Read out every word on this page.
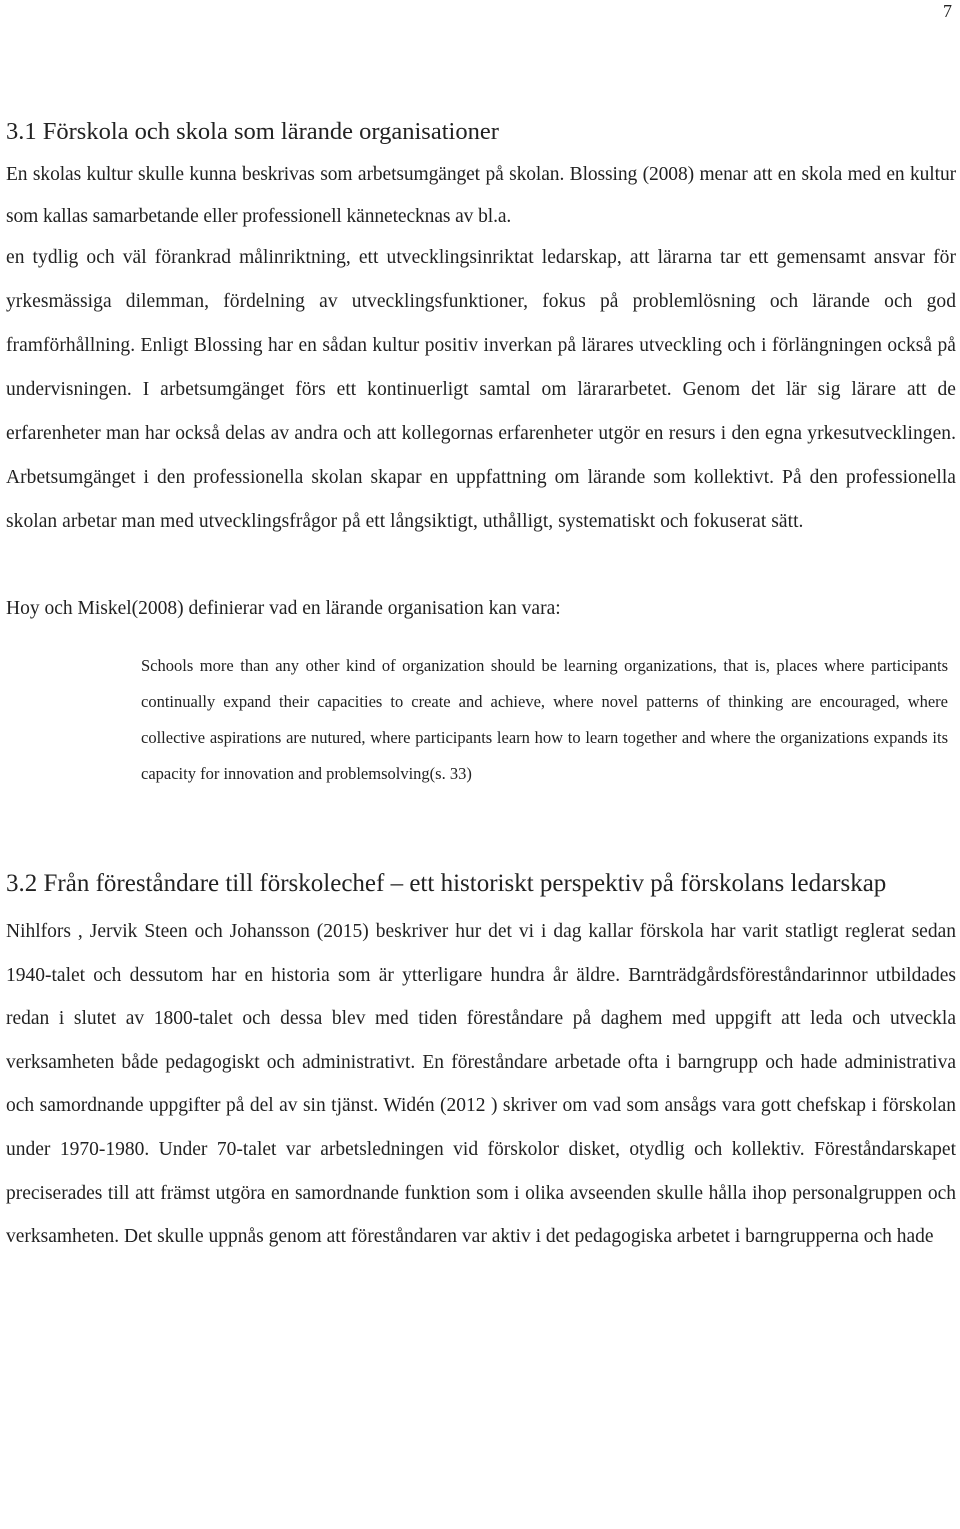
7
3.1 Förskola och skola som lärande organisationer

En skolas kultur skulle kunna beskrivas som arbetsumgänget på skolan. Blossing (2008) menar att en skola med en kultur som kallas samarbetande eller professionell kännetecknas av bl.a.

en tydlig och väl förankrad målinriktning, ett utvecklingsinriktat ledarskap, att lärarna tar ett gemensamt ansvar för yrkesmässiga dilemman, fördelning av utvecklingsfunktioner, fokus på problemlösning och lärande och god framförhållning. Enligt Blossing har en sådan kultur positiv inverkan på lärares utveckling och i förlängningen också på undervisningen. I arbetsumgänget förs ett kontinuerligt samtal om lärararbetet. Genom det lär sig lärare att de erfarenheter man har också delas av andra och att kollegornas erfarenheter utgör en resurs i den egna yrkesutvecklingen. Arbetsumgänget i den professionella skolan skapar en uppfattning om lärande som kollektivt. På den professionella skolan arbetar man med utvecklingsfrågor på ett långsiktigt, uthålligt, systematiskt och fokuserat sätt.

Hoy och Miskel(2008) definierar vad en lärande organisation kan vara:

Schools more than any other kind of organization should be learning organizations, that is, places where participants continually expand their capacities to create and achieve, where novel patterns of thinking are encouraged, where collective aspirations are nutured, where participants learn how to learn together and where the organizations expands its capacity for innovation and problemsolving(s. 33)

3.2 Från föreståndare till förskolechef – ett historiskt perspektiv på förskolans ledarskap

Nihlfors , Jervik Steen och Johansson (2015) beskriver hur det vi i dag kallar förskola har varit statligt reglerat sedan 1940-talet och dessutom har en historia som är ytterligare hundra år äldre. Barnträdgårdsföreståndarinnor utbildades redan i slutet av 1800-talet och dessa blev med tiden föreståndare på daghem med uppgift att leda och utveckla verksamheten både pedagogiskt och administrativt. En föreståndare arbetade ofta i barngrupp och hade administrativa och samordnande uppgifter på del av sin tjänst. Widén (2012 ) skriver om vad som ansågs vara gott chefskap i förskolan under 1970-1980. Under 70-talet var arbetsledningen vid förskolor disket, otydlig och kollektiv. Föreståndarskapet preciserades till att främst utgöra en samordnande funktion som i olika avseenden skulle hålla ihop personalgruppen och verksamheten. Det skulle uppnås genom att föreståndaren var aktiv i det pedagogiska arbetet i barngrupperna och hade
